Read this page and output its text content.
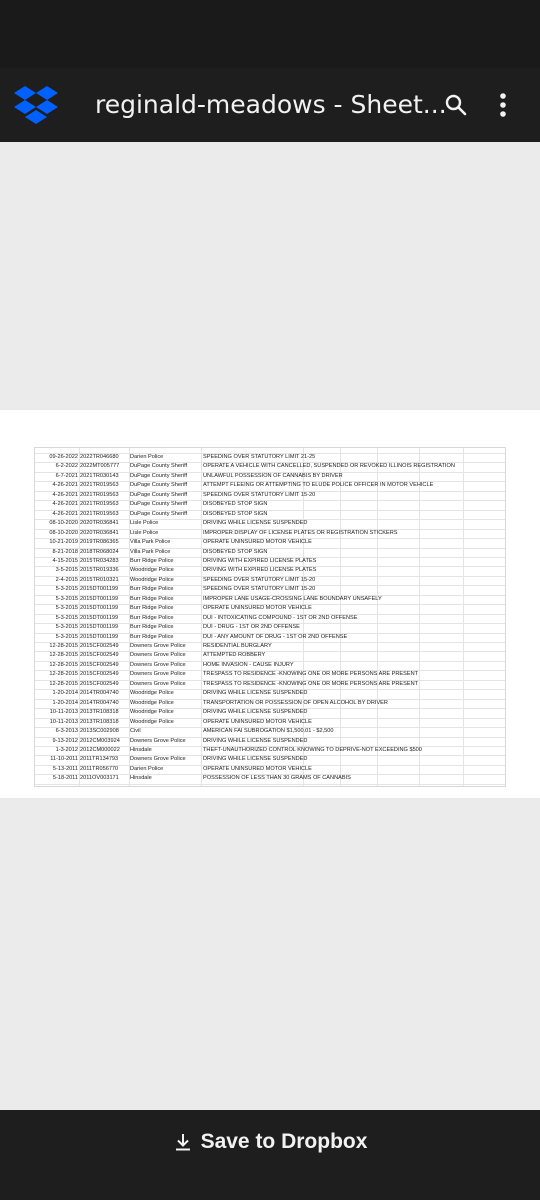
reginald-meadows - Sheet...
09-26-2022 2022TR046680	Darien Police	SPEEDING OVER STATUTORY LIMIT 21-25
6-2-2022 2022MT005777	DuPage County Sheriff	OPERATE A VEHICLE WITH CANCELLED, SUSPENDED OR REVOKED ILLINOIS REGISTRATION
6-7-2021 2021TR030143	DuPage County Sheriff	UNLAWFUL POSSESSION OF CANNABIS BY DRIVER
4-26-2021 2021TR019563	DuPage County Sheriff	ATTEMPT FLEEING OR ATTEMPTING TO ELUDE POLICE OFFICER IN MOTOR VEHICLE
4-26-2021 2021TR019563	DuPage County Sheriff	SPEEDING OVER STATUTORY LIMIT 15-20
4-26-2021 2021TR019563	DuPage County Sheriff	DISOBEYED STOP SIGN
4-26-2021 2021TR019563	DuPage County Sheriff	DISOBEYED STOP SIGN
08-10-2020 2020TR036841	Lisle Police	DRIVING WHILE LICENSE SUSPENDED
08-10-2020 2020TR036841	Lisle Police	IMPROPER DISPLAY OF LICENSE PLATES OR REGISTRATION STICKERS
10-21-2019 2019TR086365	Villa Park Police	OPERATE UNINSURED MOTOR VEHICLE
8-21-2018 2018TR068024	Villa Park Police	DISOBEYED STOP SIGN
4-15-2015 2015TR034283	Burr Ridge Police	DRIVING WITH EXPIRED LICENSE PLATES
3-5-2015 2015TR019336	Woodridge Police	DRIVING WITH EXPIRED LICENSE PLATES
2-4-2015 2015TR010321	Woodridge Police	SPEEDING OVER STATUTORY LIMIT 15-20
5-3-2015 2015DT001199	Burr Ridge Police	SPEEDING OVER STATUTORY LIMIT 15-20
5-3-2015 2015DT001199	Burr Ridge Police	IMPROPER LANE USAGE-CROSSING LANE BOUNDARY UNSAFELY
5-3-2015 2015DT001199	Burr Ridge Police	OPERATE UNINSURED MOTOR VEHICLE
5-3-2015 2015DT001199	Burr Ridge Police	DUI - INTOXICATING COMPOUND - 1ST OR 2ND OFFENSE
5-3-2015 2015DT001199	Burr Ridge Police	DUI - DRUG - 1ST OR 2ND OFFENSE
5-3-2015 2015DT001199	Burr Ridge Police	DUI - ANY AMOUNT OF DRUG - 1ST OR 2ND OFFENSE
12-28-2015 2015CF002549	Downers Grove Police	RESIDENTIAL BURGLARY
12-28-2015 2015CF002549	Downers Grove Police	ATTEMPTED ROBBERY
12-28-2015 2015CF002549	Downers Grove Police	HOME INVASION - CAUSE INJURY
12-28-2015 2015CF002549	Downers Grove Police	TRESPASS TO RESIDENCE -KNOWING ONE OR MORE PERSONS ARE PRESENT
12-28-2015 2015CF002549	Downers Grove Police	TRESPASS TO RESIDENCE -KNOWING ONE OR MORE PERSONS ARE PRESENT
1-20-2014 2014TR004740	Woodridge Police	DRIVING WHILE LICENSE SUSPENDED
1-20-2014 2014TR004740	Woodridge Police	TRANSPORTATION OR POSSESSION OF OPEN ALCOHOL BY DRIVER
10-11-2013 2013TR108318	Woodridge Police	DRIVING WHILE LICENSE SUSPENDED
10-11-2013 2013TR108318	Woodridge Police	OPERATE UNINSURED MOTOR VEHICLE
6-3-2013 2013SC002908	Civil	AMERICAN FAI SUBROGATION $1,500.01 - $2,500
9-13-2012 2012CM003924	Downers Grove Police	DRIVING WHILE LICENSE SUSPENDED
1-3-2012 2012CM000022	Hinsdale	THEFT-UNAUTHORIZED CONTROL KNOWING TO DEPRIVE-NOT EXCEEDING $500
11-10-2011 2011TR134793	Downers Grove Police	DRIVING WHILE LICENSE SUSPENDED
5-13-2011 2011TR056770	Darien Police	OPERATE UNINSURED MOTOR VEHICLE
5-18-2011 2011OV003171	Hinsdale	POSSESSION OF LESS THAN 30 GRAMS OF CANNABIS
Save to Dropbox
